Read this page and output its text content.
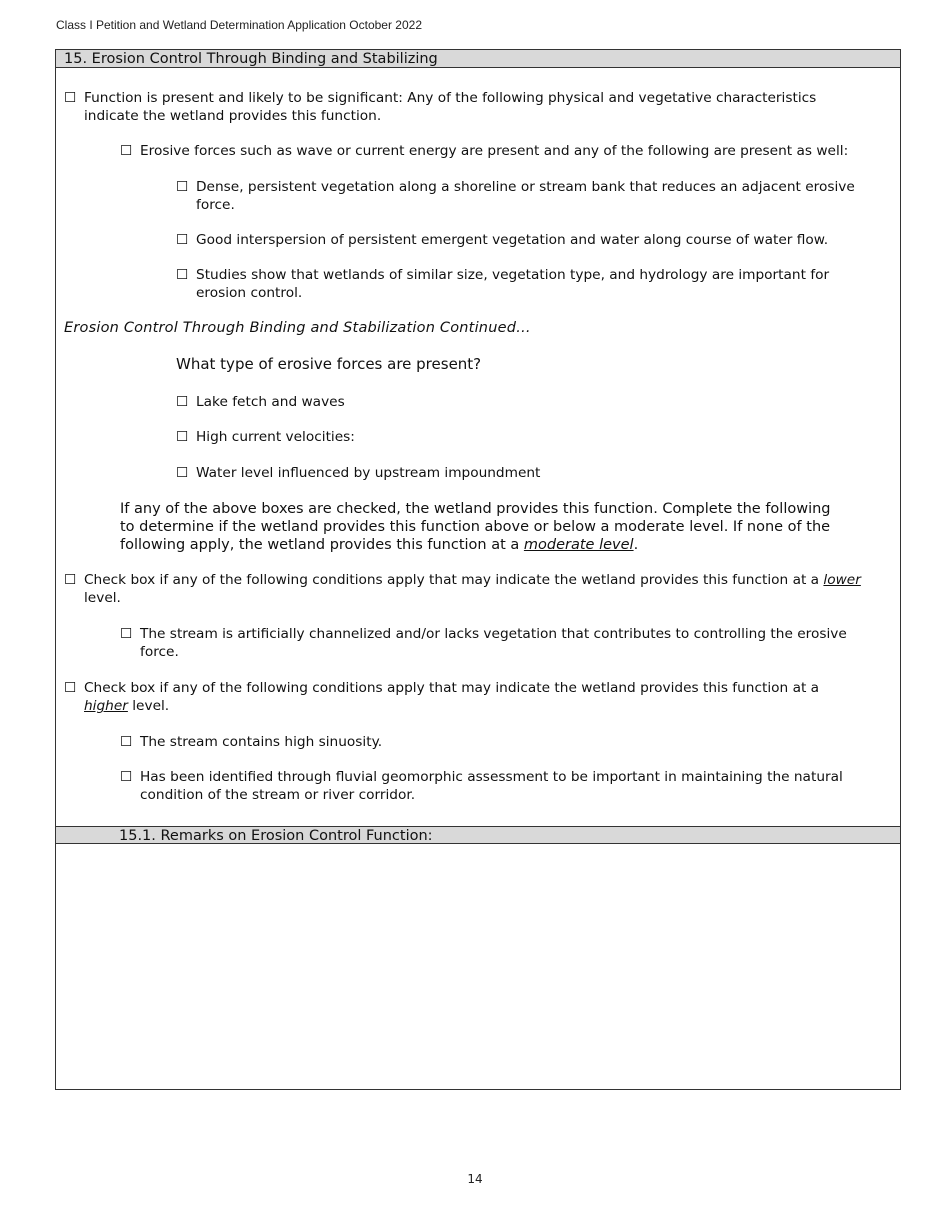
Class I Petition and Wetland Determination Application October 2022
15. Erosion Control Through Binding and Stabilizing
☐ Function is present and likely to be significant: Any of the following physical and vegetative characteristics indicate the wetland provides this function.
☐ Erosive forces such as wave or current energy are present and any of the following are present as well:
☐ Dense, persistent vegetation along a shoreline or stream bank that reduces an adjacent erosive force.
☐ Good interspersion of persistent emergent vegetation and water along course of water flow.
☐ Studies show that wetlands of similar size, vegetation type, and hydrology are important for erosion control.
Erosion Control Through Binding and Stabilization Continued…
What type of erosive forces are present?
☐ Lake fetch and waves
☐ High current velocities:
☐ Water level influenced by upstream impoundment
If any of the above boxes are checked, the wetland provides this function. Complete the following to determine if the wetland provides this function above or below a moderate level. If none of the following apply, the wetland provides this function at a moderate level.
☐ Check box if any of the following conditions apply that may indicate the wetland provides this function at a lower level.
☐ The stream is artificially channelized and/or lacks vegetation that contributes to controlling the erosive force.
☐ Check box if any of the following conditions apply that may indicate the wetland provides this function at a higher level.
☐ The stream contains high sinuosity.
☐ Has been identified through fluvial geomorphic assessment to be important in maintaining the natural condition of the stream or river corridor.
15.1. Remarks on Erosion Control Function:
14
